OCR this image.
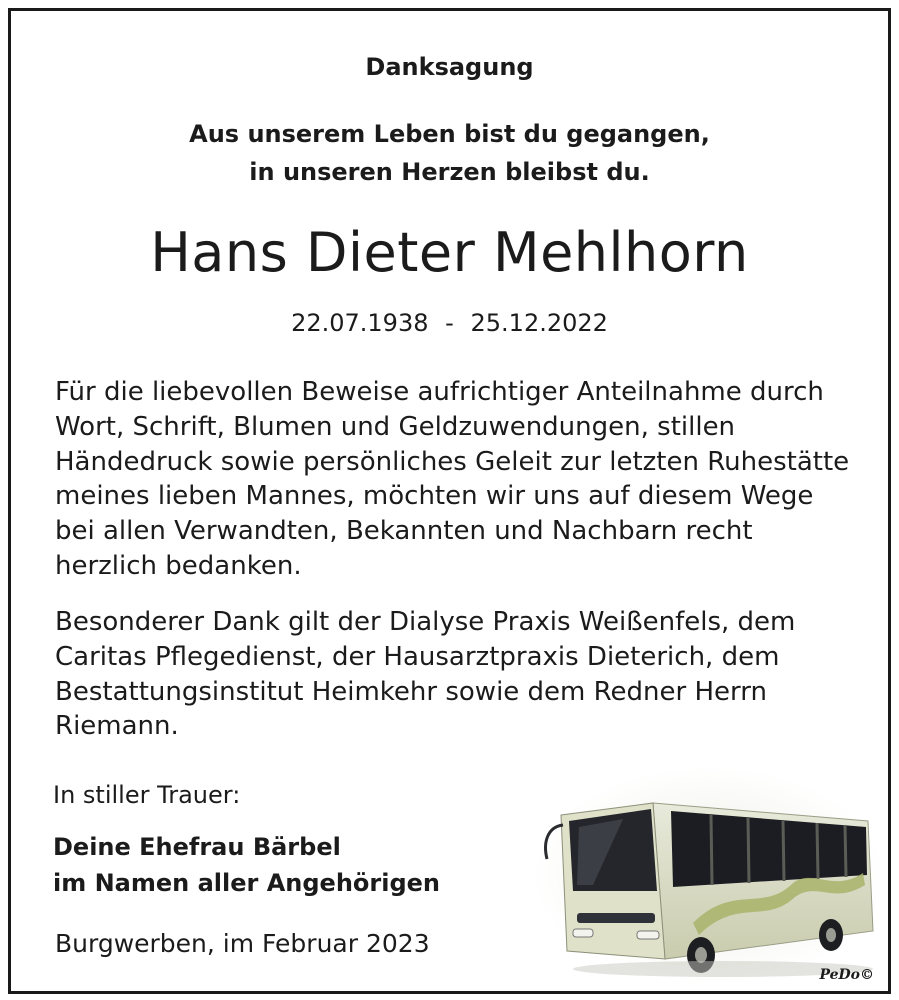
Danksagung
Aus unserem Leben bist du gegangen,
in unseren Herzen bleibst du.
Hans Dieter Mehlhorn
22.07.1938 - 25.12.2022
Für die liebevollen Beweise aufrichtiger Anteilnahme durch
Wort, Schrift, Blumen und Geldzuwendungen, stillen
Händedruck sowie persönliches Geleit zur letzten Ruhestätte
meines lieben Mannes, möchten wir uns auf diesem Wege
bei allen Verwandten, Bekannten und Nachbarn recht
herzlich bedanken.
Besonderer Dank gilt der Dialyse Praxis Weißenfels, dem
Caritas Pflegedienst, der Hausarztpraxis Dieterich, dem
Bestattungsinstitut Heimkehr sowie dem Redner Herrn
Riemann.
In stiller Trauer:
Deine Ehefrau Bärbel
im Namen aller Angehörigen
Burgwerben, im Februar 2023
PeDo©
